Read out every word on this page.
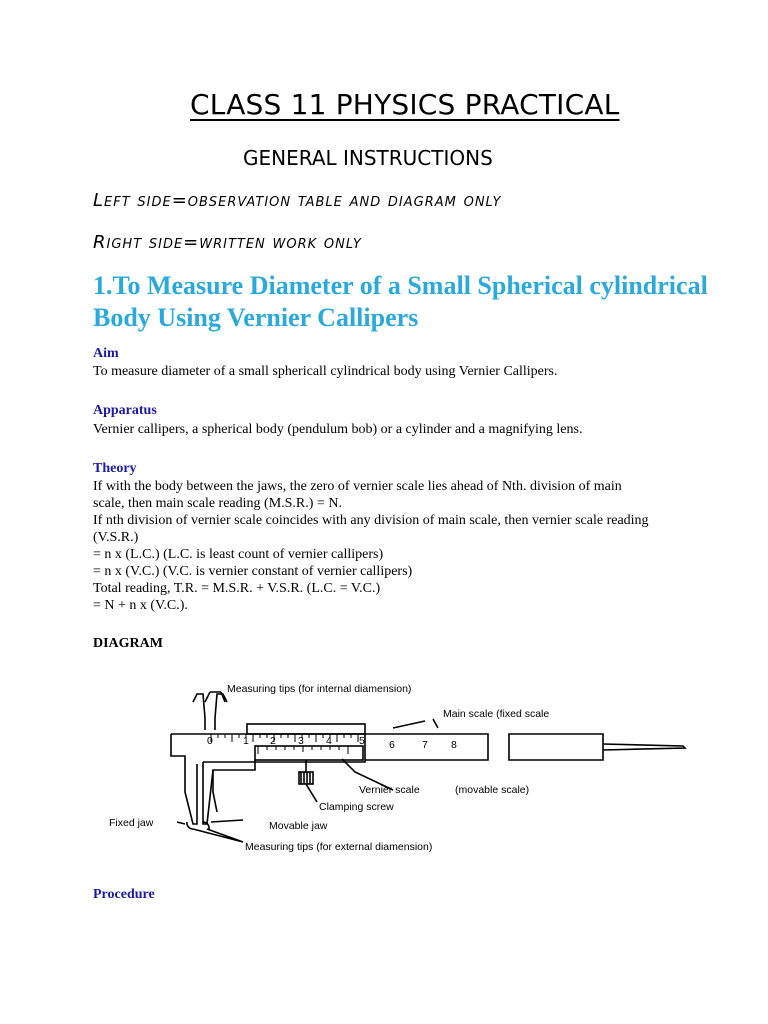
CLASS 11 PHYSICS PRACTICAL
GENERAL INSTRUCTIONS

Left side=observation table and diagram only

Right side=written work only

1.To Measure Diameter of a Small Spherical cylindrical Body Using Vernier Callipers
Aim

To measure diameter of a small sphericall cylindrical body using Vernier Callipers.

Apparatus

Vernier callipers, a spherical body (pendulum bob) or a cylinder and a magnifying lens.

Theory

If with the body between the jaws, the zero of vernier scale lies ahead of Nth. division of main scale, then main scale reading (M.S.R.) = N.

If nth division of vernier scale coincides with any division of main scale, then vernier scale reading (V.S.R.)

= n x (L.C.) (L.C. is least count of vernier callipers)

= n x (V.C.) (V.C. is vernier constant of vernier callipers)

Total reading, T.R. = M.S.R. + V.S.R. (L.C. = V.C.)

= N + n x (V.C.).

DIAGRAM

0	1 2 3 4	5 6	7 8
Measuring tips (for internal diamension)
Main scale (fixed scale
Vernier scale	(movable scale)
Clamping screw
Fixed jaw	Movable jaw
Measuring tips (for external diamension)
Procedure
